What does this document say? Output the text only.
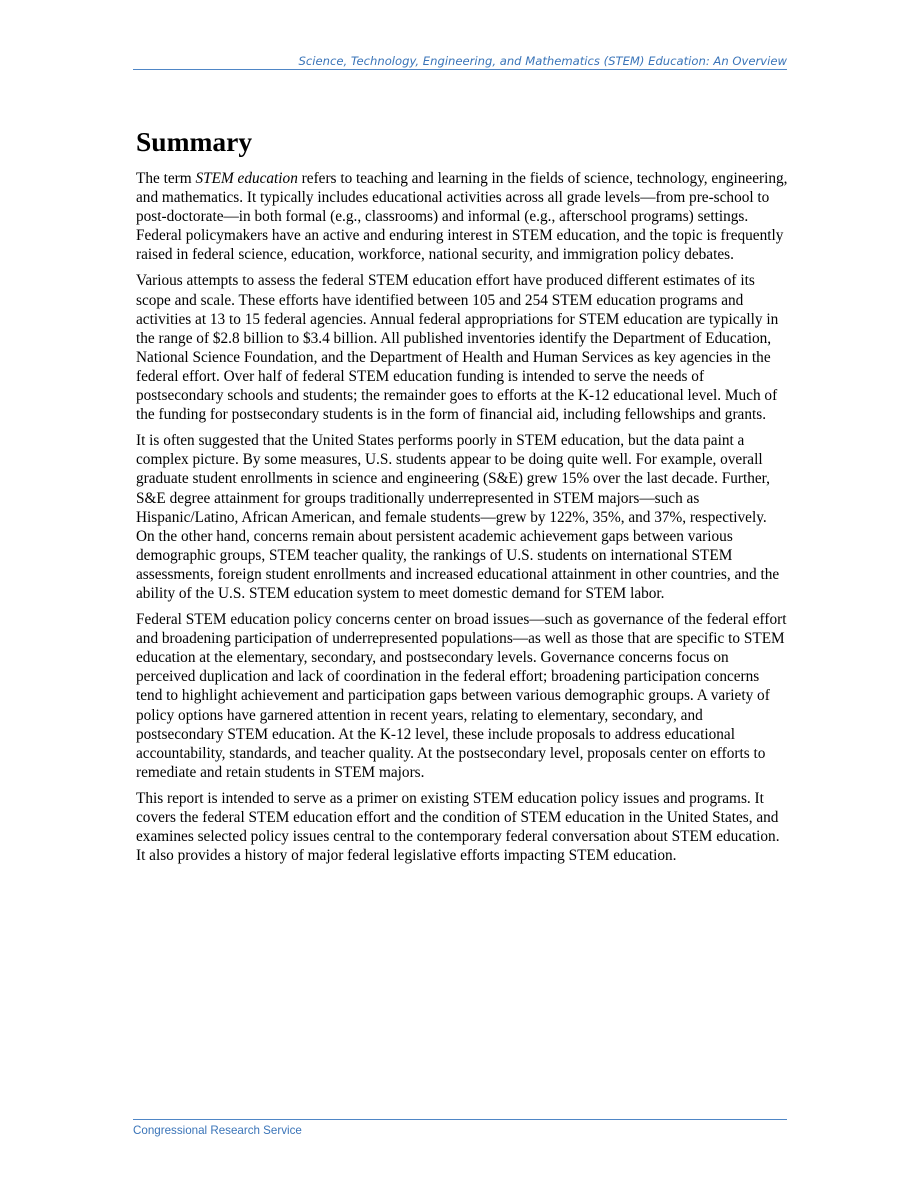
Science, Technology, Engineering, and Mathematics (STEM) Education: An Overview
Summary

The term STEM education refers to teaching and learning in the fields of science, technology, engineering, and mathematics. It typically includes educational activities across all grade levels—from pre-school to post-doctorate—in both formal (e.g., classrooms) and informal (e.g., afterschool programs) settings. Federal policymakers have an active and enduring interest in STEM education, and the topic is frequently raised in federal science, education, workforce, national security, and immigration policy debates.

Various attempts to assess the federal STEM education effort have produced different estimates of its scope and scale. These efforts have identified between 105 and 254 STEM education programs and activities at 13 to 15 federal agencies. Annual federal appropriations for STEM education are typically in the range of $2.8 billion to $3.4 billion. All published inventories identify the Department of Education, National Science Foundation, and the Department of Health and Human Services as key agencies in the federal effort. Over half of federal STEM education funding is intended to serve the needs of postsecondary schools and students; the remainder goes to efforts at the K-12 educational level. Much of the funding for postsecondary students is in the form of financial aid, including fellowships and grants.

It is often suggested that the United States performs poorly in STEM education, but the data paint a complex picture. By some measures, U.S. students appear to be doing quite well. For example, overall graduate student enrollments in science and engineering (S&E) grew 15% over the last decade. Further, S&E degree attainment for groups traditionally underrepresented in STEM majors—such as Hispanic/Latino, African American, and female students—grew by 122%, 35%, and 37%, respectively. On the other hand, concerns remain about persistent academic achievement gaps between various demographic groups, STEM teacher quality, the rankings of U.S. students on international STEM assessments, foreign student enrollments and increased educational attainment in other countries, and the ability of the U.S. STEM education system to meet domestic demand for STEM labor.

Federal STEM education policy concerns center on broad issues—such as governance of the federal effort and broadening participation of underrepresented populations—as well as those that are specific to STEM education at the elementary, secondary, and postsecondary levels. Governance concerns focus on perceived duplication and lack of coordination in the federal effort; broadening participation concerns tend to highlight achievement and participation gaps between various demographic groups. A variety of policy options have garnered attention in recent years, relating to elementary, secondary, and postsecondary STEM education. At the K-12 level, these include proposals to address educational accountability, standards, and teacher quality. At the postsecondary level, proposals center on efforts to remediate and retain students in STEM majors.

This report is intended to serve as a primer on existing STEM education policy issues and programs. It covers the federal STEM education effort and the condition of STEM education in the United States, and examines selected policy issues central to the contemporary federal conversation about STEM education. It also provides a history of major federal legislative efforts impacting STEM education.

Congressional Research Service
